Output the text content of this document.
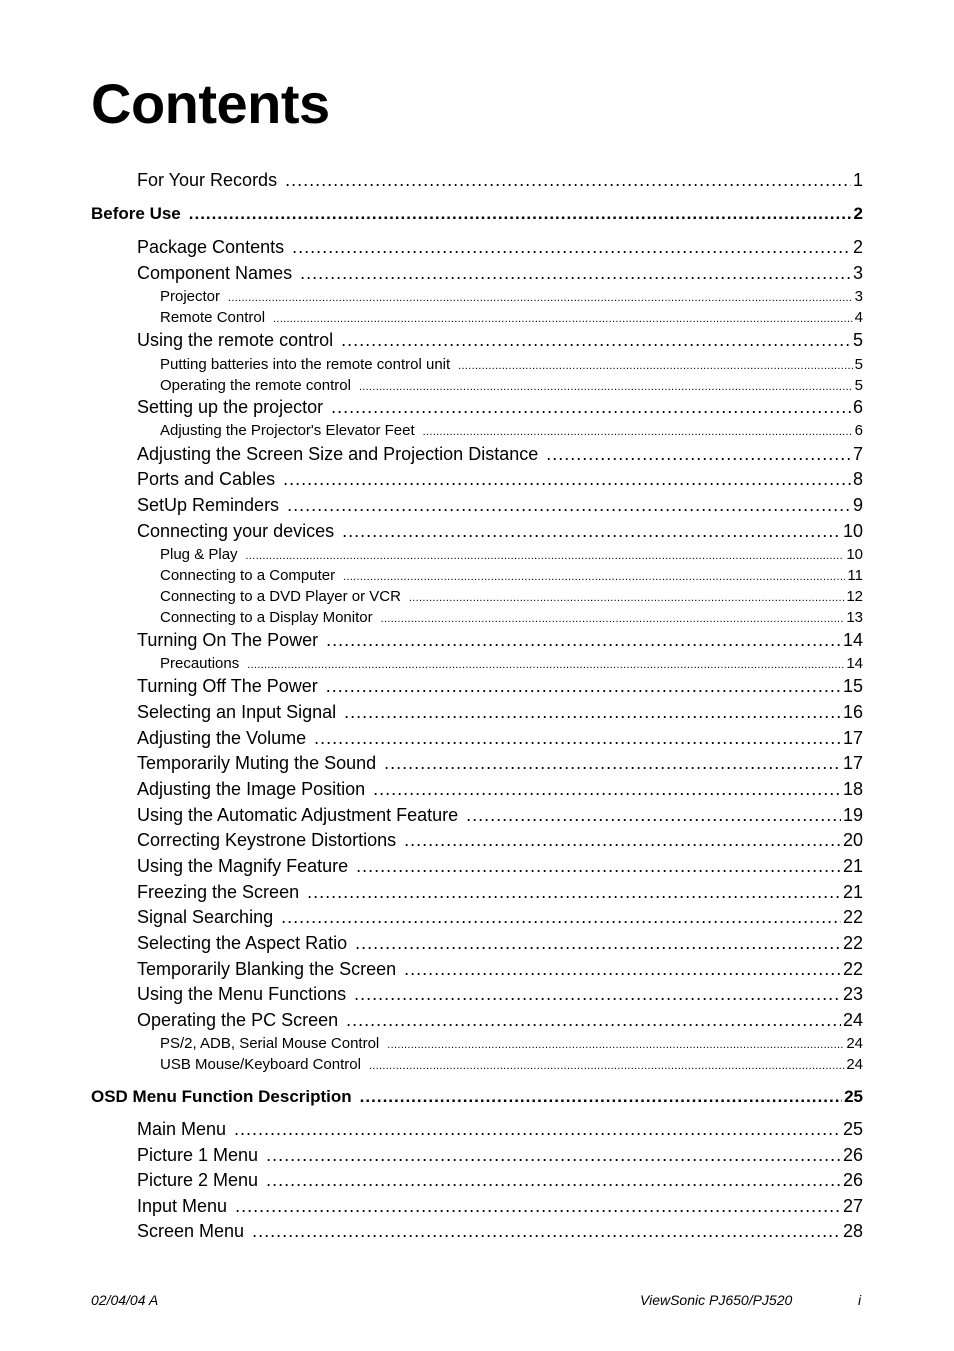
Contents
For Your Records .....	1
Before Use .....	2
Package Contents .....	2
Component Names .....	3
Projector .....	3
Remote Control .....	4
Using the remote control .....	5
Putting batteries into the remote control unit .....	5
Operating the remote control .....	5
Setting up the projector .....	6
Adjusting the Projector's Elevator Feet .....	6
Adjusting the Screen Size and Projection Distance .....	7
Ports and Cables .....	8
SetUp Reminders .....	9
Connecting your devices .....	10
Plug & Play .....	10
Connecting to a Computer .....	11
Connecting to a DVD Player or VCR .....	12
Connecting to a Display Monitor .....	13
Turning On The Power .....	14
Precautions .....	14
Turning Off The Power .....	15
Selecting an Input Signal .....	16
Adjusting the Volume .....	17
Temporarily Muting the Sound .....	17
Adjusting the Image Position .....	18
Using the Automatic Adjustment Feature .....	19
Correcting Keystrone Distortions .....	20
Using the Magnify Feature .....	21
Freezing the Screen .....	21
Signal Searching .....	22
Selecting the Aspect Ratio .....	22
Temporarily Blanking the Screen .....	22
Using the Menu Functions .....	23
Operating the PC Screen .....	24
PS/2, ADB, Serial Mouse Control .....	24
USB Mouse/Keyboard Control .....	24
OSD Menu Function Description .....	25
Main Menu .....	25
Picture 1 Menu .....	26
Picture 2 Menu .....	26
Input Menu .....	27
Screen Menu .....	28
02/04/04 A	ViewSonic PJ650/PJ520	i
